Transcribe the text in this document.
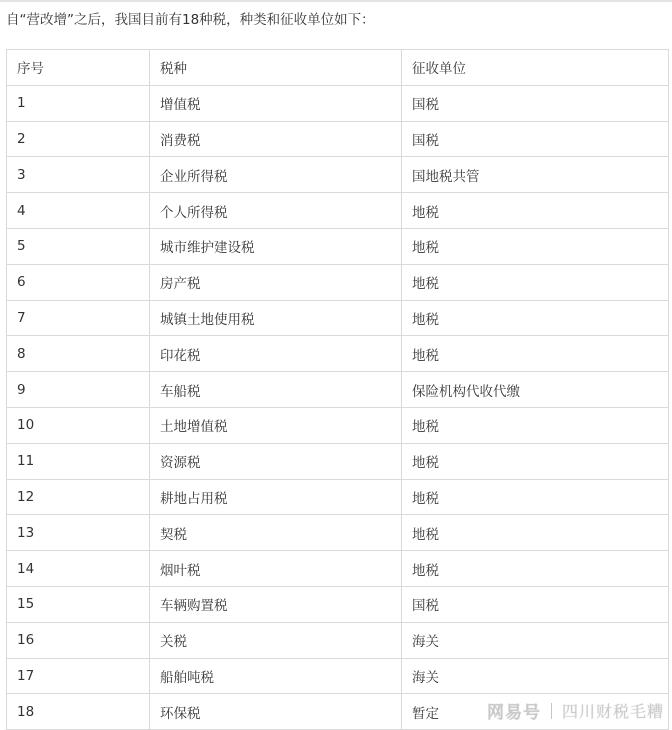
自“营改增”之后，我国目前有18种税，种类和征收单位如下：
序号	税种	征收单位
1	增值税	国税
2	消费税	国税
3	企业所得税	国地税共管
4	个人所得税	地税
5	城市维护建设税	地税
6	房产税	地税
7	城镇土地使用税	地税
8	印花税	地税
9	车船税	保险机构代收代缴
10	土地增值税	地税
11	资源税	地税
12	耕地占用税	地税
13	契税	地税
14	烟叶税	地税
15	车辆购置税	国税
16	关税	海关
17	船舶吨税	海关
18	环保税	暂定	网易号 四川财税毛糟
